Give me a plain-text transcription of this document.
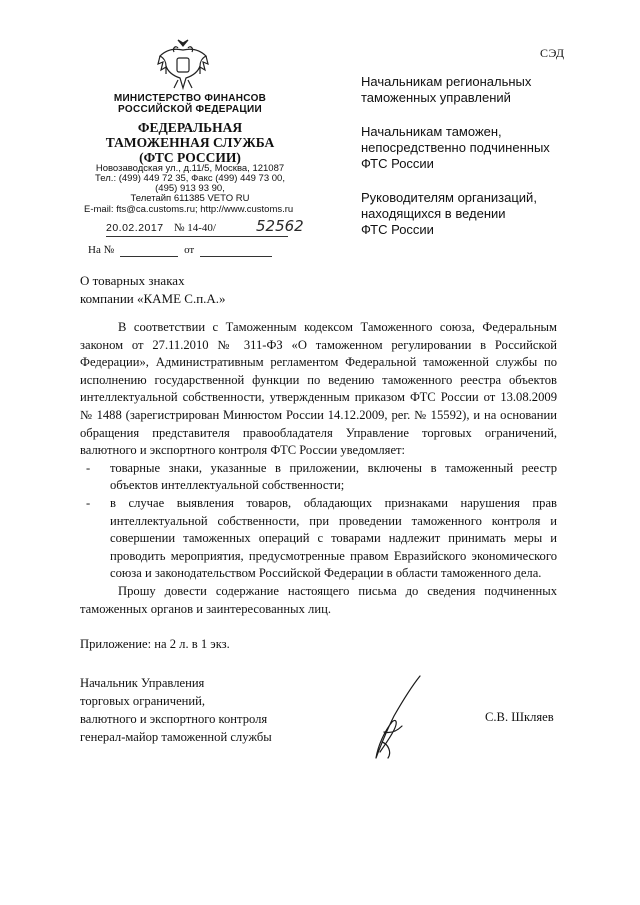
СЭД
МИНИСТЕРСТВО ФИНАНСОВ
РОССИЙСКОЙ ФЕДЕРАЦИИ
ФЕДЕРАЛЬНАЯ
ТАМОЖЕННАЯ СЛУЖБА
(ФТС РОССИИ)
Новозаводская ул., д.11/5, Москва, 121087
Тел.: (499) 449 72 35, Факс (499) 449 73 00,
(495) 913 93 90,
Телетайп 611385 VETO RU
E-mail: fts@ca.customs.ru; http://www.customs.ru
20.02.2017 № 14-40/	52562
На №	от
О товарных знаках
компании «КАМЕ С.п.А.»

Начальникам региональных
таможенных управлений

Начальникам таможен,
непосредственно подчиненных
ФТС России

Руководителям организаций,
находящихся в ведении
ФТС России

В соответствии с Таможенным кодексом Таможенного союза, Федеральным законом от 27.11.2010 № 311-ФЗ «О таможенном регулировании в Российской Федерации», Административным регламентом Федеральной таможенной службы по исполнению государственной функции по ведению таможенного реестра объектов интеллектуальной собственности, утвержденным приказом ФТС России от 13.08.2009 № 1488 (зарегистрирован Минюстом России 14.12.2009, рег. № 15592), и на основании обращения представителя правообладателя Управление торговых ограничений, валютного и экспортного контроля ФТС России уведомляет:

- товарные знаки, указанные в приложении, включены в таможенный реестр объектов интеллектуальной собственности;
- в случае выявления товаров, обладающих признаками нарушения прав интеллектуальной собственности, при проведении таможенного контроля и совершении таможенных операций с товарами надлежит принимать меры и проводить мероприятия, предусмотренные правом Евразийского экономического союза и законодательством Российской Федерации в области таможенного дела.

Прошу довести содержание настоящего письма до сведения подчиненных таможенных органов и заинтересованных лиц.

Приложение: на 2 л. в 1 экз.
Начальник Управления
торговых ограничений,
валютного и экспортного контроля
генерал-майор таможенной службы
С.В. Шкляев
